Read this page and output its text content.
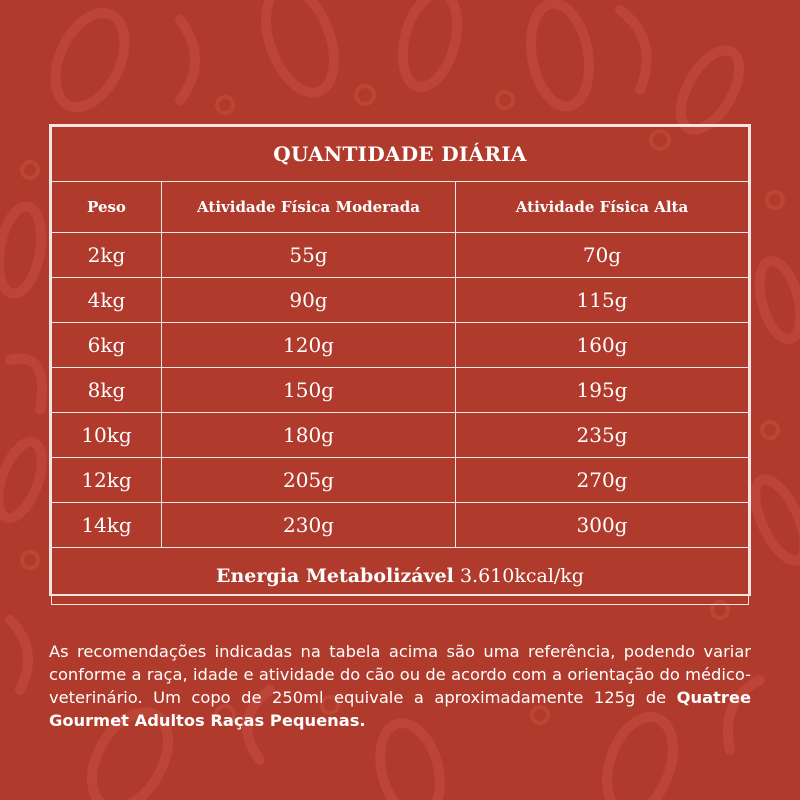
QUANTIDADE DIÁRIA		
Peso	Atividade Física Moderada	Atividade Física Alta
2kg	55g	70g
4kg	90g	115g
6kg	120g	160g
8kg	150g	195g
10kg	180g	235g
12kg	205g	270g
14kg	230g	300g
Energia Metabolizável 3.610kcal/kg		

As recomendações indicadas na tabela acima são uma referência, podendo variar conforme a raça, idade e atividade do cão ou de acordo com a orientação do médico-veterinário. Um copo de 250ml equivale a aproximadamente 125g de Quatree Gourmet Adultos Raças Pequenas.
